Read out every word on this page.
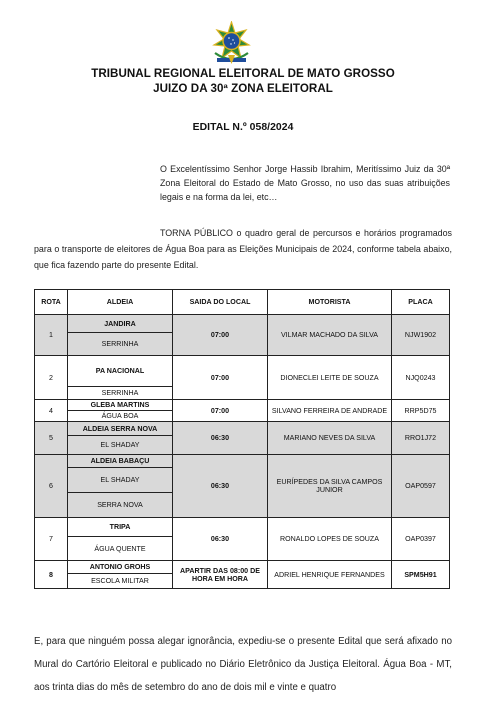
TRIBUNAL REGIONAL ELEITORAL DE MATO GROSSO
JUIZO DA 30ª ZONA ELEITORAL
EDITAL N.º 058/2024
O Excelentíssimo Senhor Jorge Hassib Ibrahim, Meritíssimo Juiz da 30ª Zona Eleitoral do Estado de Mato Grosso, no uso das suas atribuições legais e na forma da lei, etc…
TORNA PÚBLICO o quadro geral de percursos e horários programados para o transporte de eleitores de Água Boa para as Eleições Municipais de 2024, conforme tabela abaixo, que fica fazendo parte do presente Edital.
ROTA	ALDEIA	SAIDA DO LOCAL	MOTORISTA	PLACA
1	JANDIRA	07:00	VILMAR MACHADO DA SILVA	NJW1902
	SERRINHA			
2	PA NACIONAL	07:00	DIONECLEI LEITE DE SOUZA	NJQ0243
	SERRINHA			
4	GLEBA MARTINS	07:00	SILVANO FERREIRA DE ANDRADE	RRP5D75
	ÁGUA BOA			
5	ALDEIA SERRA NOVA	06:30	MARIANO NEVES DA SILVA	RRO1J72
	EL SHADAY			
6	ALDEIA BABAÇU	06:30	EURÍPEDES DA SILVA CAMPOS JUNIOR	OAP0597
	EL SHADAY			
	SERRA NOVA			
7	TRIPA	06:30	RONALDO LOPES DE SOUZA	OAP0397
	ÁGUA QUENTE			
8	ANTONIO GROHS	APARTIR DAS 08:00 DE HORA EM HORA	ADRIEL HENRIQUE FERNANDES	SPM5H91
	ESCOLA MILITAR			
E, para que ninguém possa alegar ignorância, expediu-se o presente Edital que será afixado no Mural do Cartório Eleitoral e publicado no Diário Eletrônico da Justiça Eleitoral. Água Boa - MT, aos trinta dias do mês de setembro do ano de dois mil e vinte e quatro
